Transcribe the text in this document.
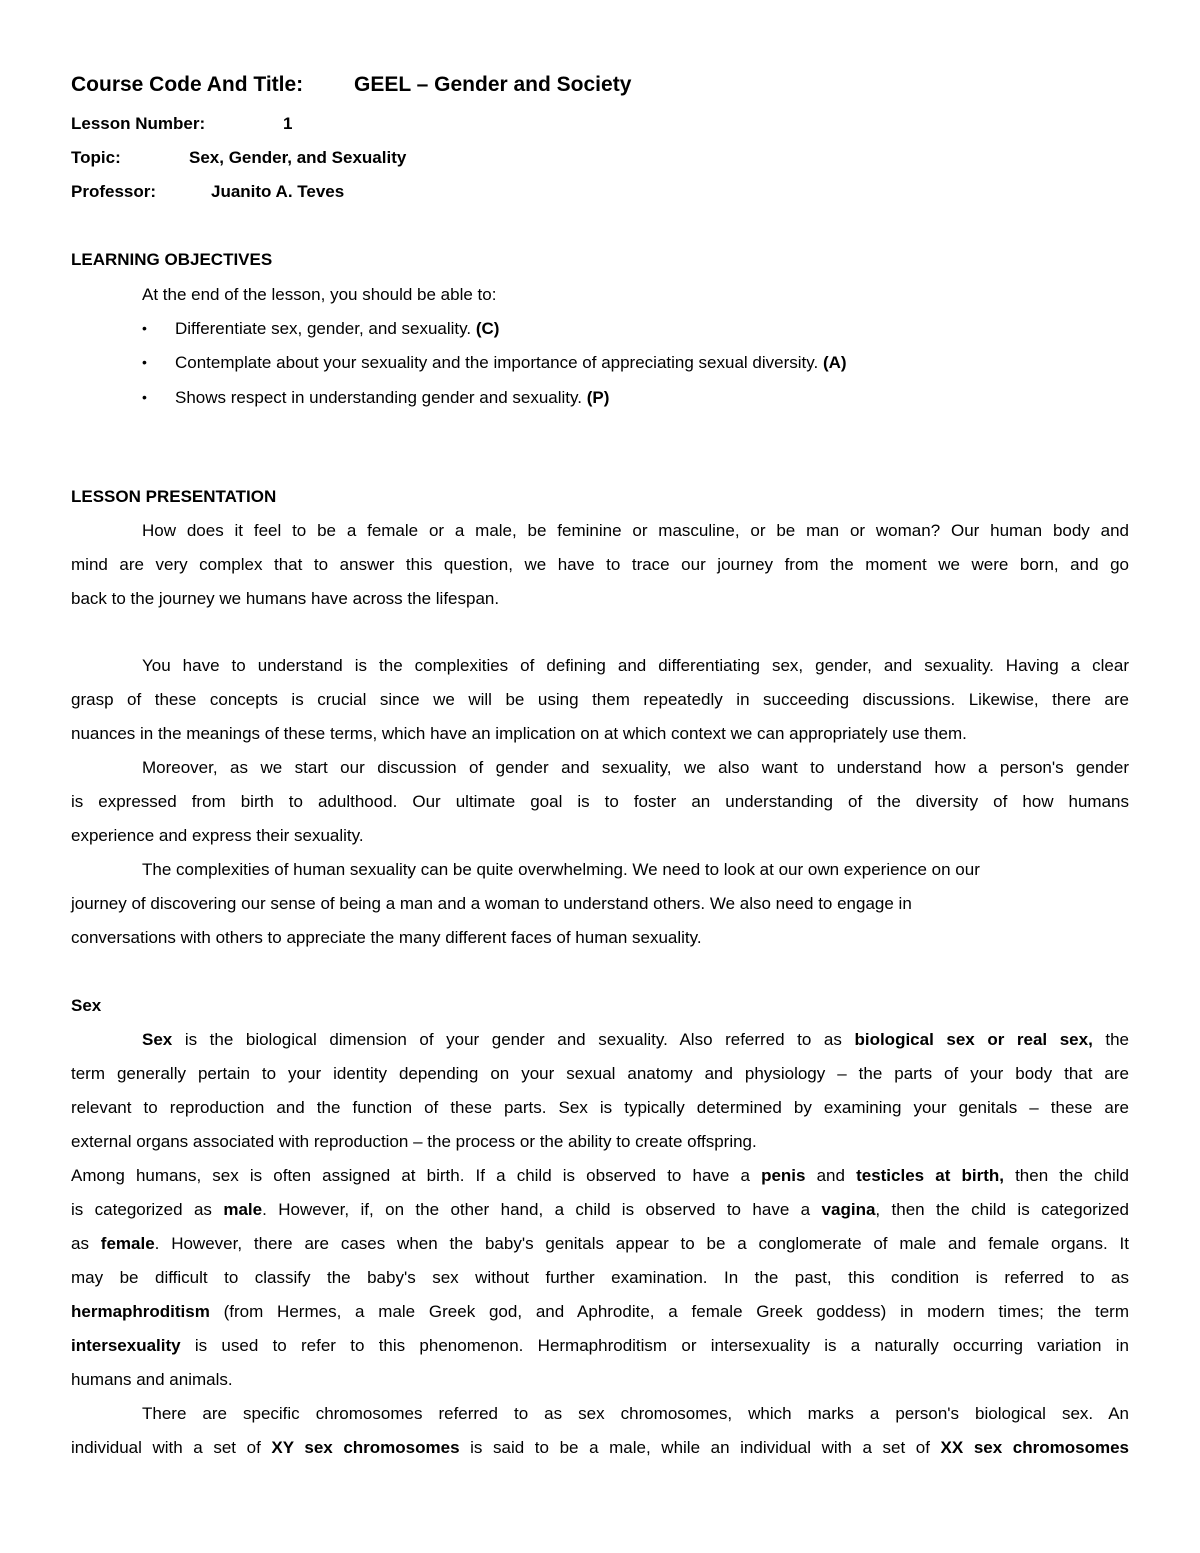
Course Code And Title: GEEL – Gender and Society
Lesson Number:	1
Topic:	Sex, Gender, and Sexuality
Professor:	Juanito A. Teves
LEARNING OBJECTIVES
At the end of the lesson, you should be able to:
• Differentiate sex, gender, and sexuality. (C)
• Contemplate about your sexuality and the importance of appreciating sexual diversity. (A)
• Shows respect in understanding gender and sexuality. (P)
LESSON PRESENTATION
How does it feel to be a female or a male, be feminine or masculine, or be man or woman? Our human body and
mind are very complex that to answer this question, we have to trace our journey from the moment we were born, and go
back to the journey we humans have across the lifespan.
You have to understand is the complexities of defining and differentiating sex, gender, and sexuality. Having a clear
grasp of these concepts is crucial since we will be using them repeatedly in succeeding discussions. Likewise, there are
nuances in the meanings of these terms, which have an implication on at which context we can appropriately use them.
Moreover, as we start our discussion of gender and sexuality, we also want to understand how a person's gender
is expressed from birth to adulthood. Our ultimate goal is to foster an understanding of the diversity of how humans
experience and express their sexuality.
The complexities of human sexuality can be quite overwhelming. We need to look at our own experience on our
journey of discovering our sense of being a man and a woman to understand others. We also need to engage in
conversations with others to appreciate the many different faces of human sexuality.
Sex
Sex is the biological dimension of your gender and sexuality. Also referred to as biological sex or real sex, the
term generally pertain to your identity depending on your sexual anatomy and physiology – the parts of your body that are
relevant to reproduction and the function of these parts. Sex is typically determined by examining your genitals – these are
external organs associated with reproduction – the process or the ability to create offspring.
Among humans, sex is often assigned at birth. If a child is observed to have a penis and testicles at birth, then the child
is categorized as male. However, if, on the other hand, a child is observed to have a vagina, then the child is categorized
as female. However, there are cases when the baby's genitals appear to be a conglomerate of male and female organs. It
may be difficult to classify the baby's sex without further examination. In the past, this condition is referred to as
hermaphroditism (from Hermes, a male Greek god, and Aphrodite, a female Greek goddess) in modern times; the term
intersexuality is used to refer to this phenomenon. Hermaphroditism or intersexuality is a naturally occurring variation in
humans and animals.
There are specific chromosomes referred to as sex chromosomes, which marks a person's biological sex. An
individual with a set of XY sex chromosomes is said to be a male, while an individual with a set of XX sex chromosomes
